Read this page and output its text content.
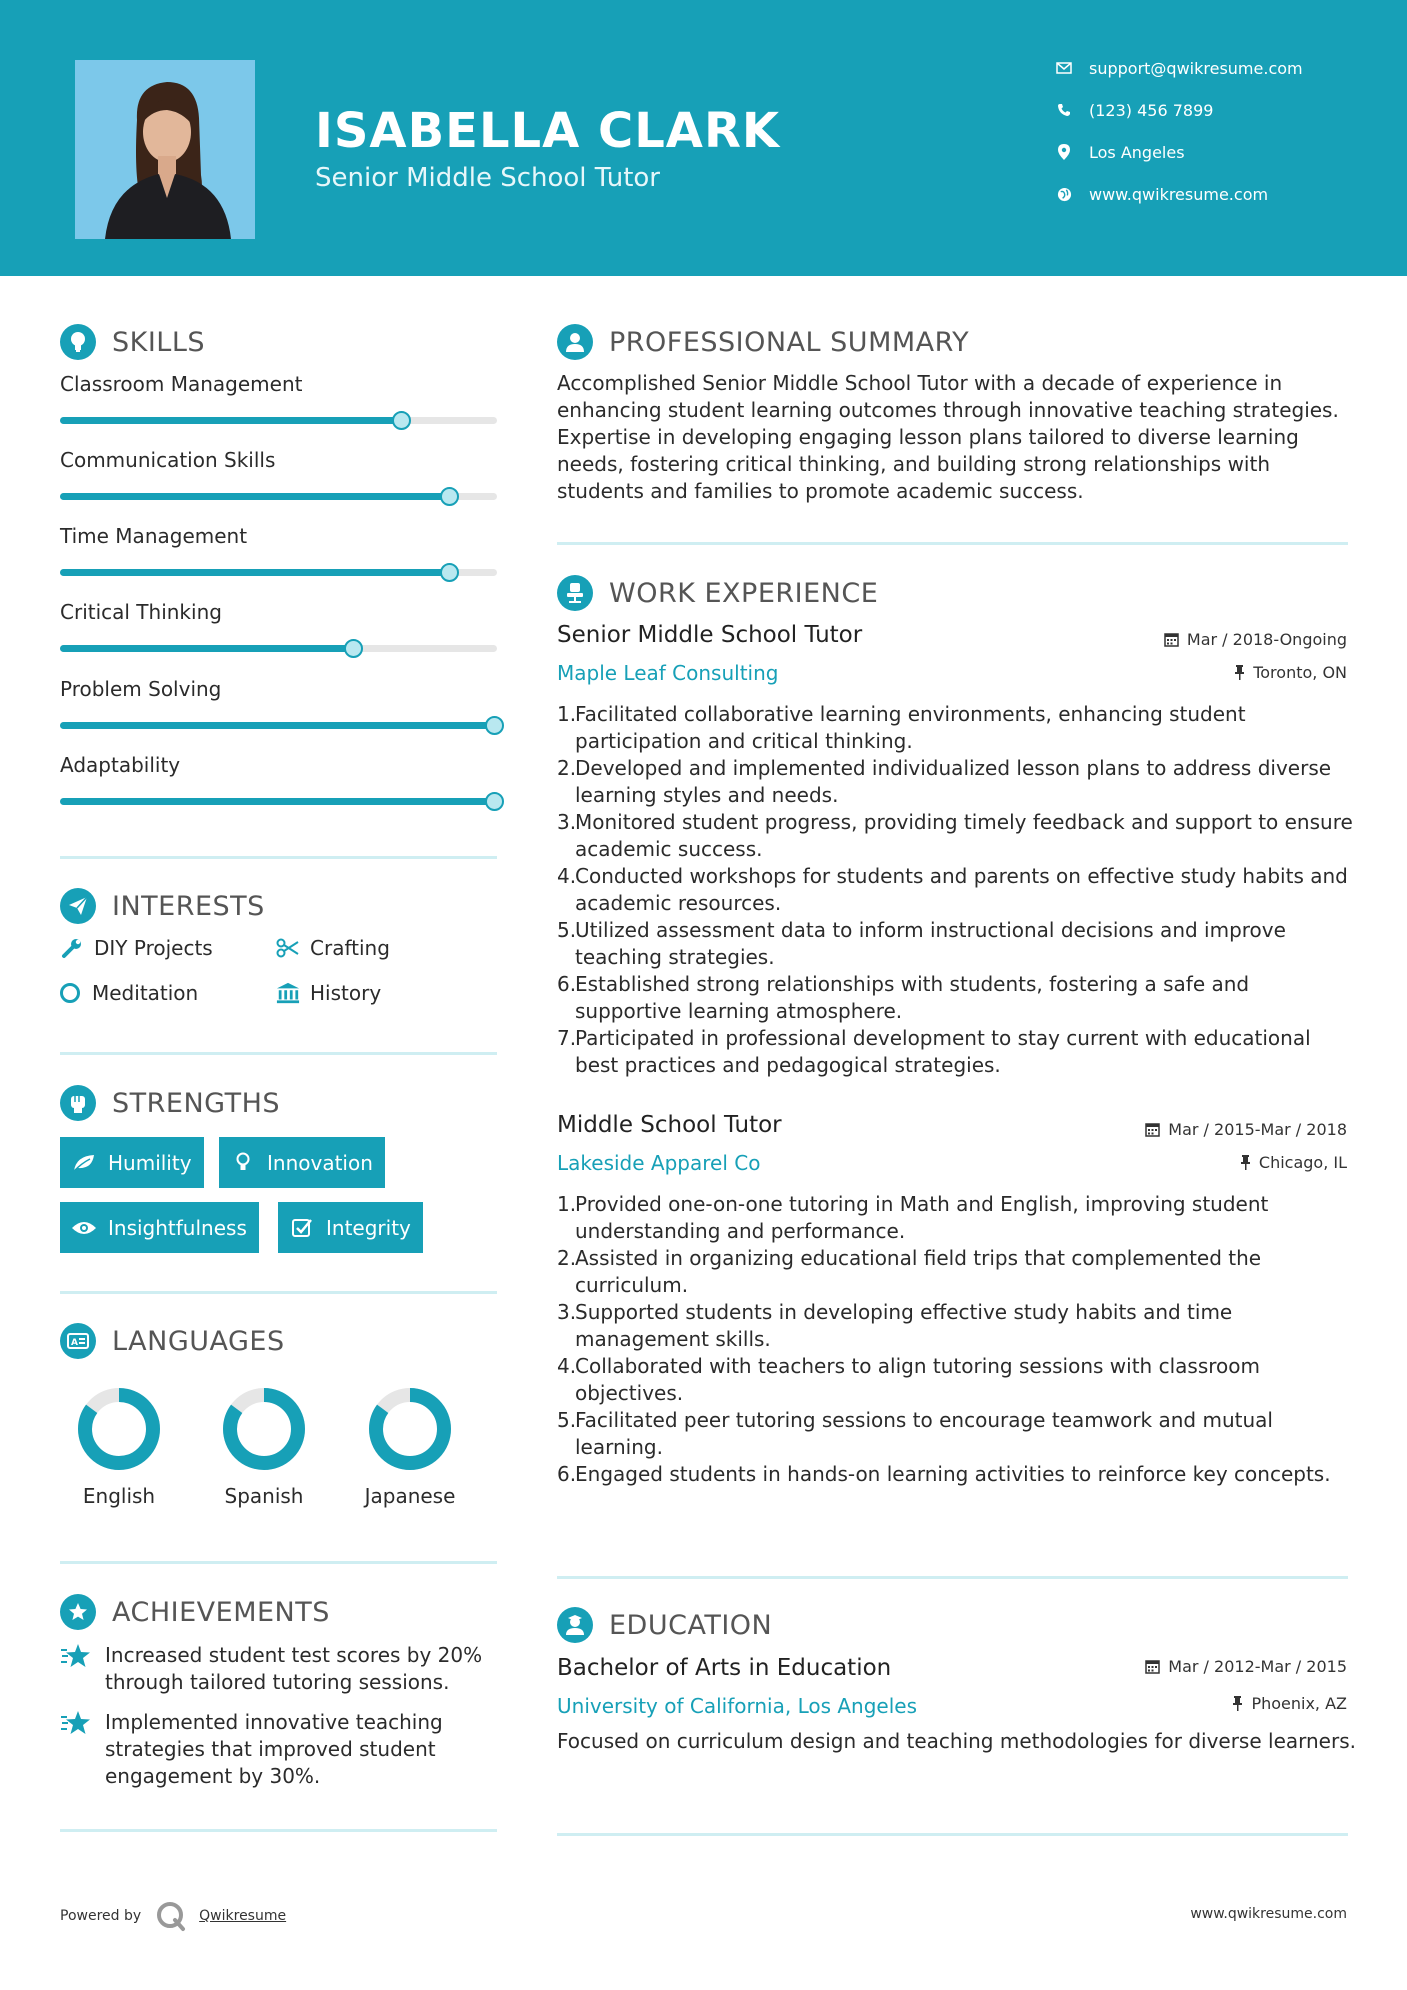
ISABELLA CLARK
Senior Middle School Tutor
support@qwikresume.com
(123) 456 7899
Los Angeles
www.qwikresume.com
SKILLS
Classroom Management
Communication Skills
Time Management
Critical Thinking
Problem Solving
Adaptability
INTERESTS
DIY Projects	Crafting
Meditation	History
STRENGTHS
Humility	Innovation
Insightfulness	Integrity
A LANGUAGES
English	Spanish	Japanese
ACHIEVEMENTS
Increased student test scores by 20% through tailored tutoring sessions.
Implemented innovative teaching strategies that improved student engagement by 30%.
PROFESSIONAL SUMMARY
Accomplished Senior Middle School Tutor with a decade of experience in enhancing student learning outcomes through innovative teaching strategies. Expertise in developing engaging lesson plans tailored to diverse learning needs, fostering critical thinking, and building strong relationships with students and families to promote academic success.
WORK EXPERIENCE
Senior Middle School Tutor
Maple Leaf Consulting
Mar / 2018-Ongoing
Toronto, ON
1.
Facilitated collaborative learning environments, enhancing student participation and critical thinking.
2.
Developed and implemented individualized lesson plans to address diverse learning styles and needs.
3.
Monitored student progress, providing timely feedback and support to ensure academic success.
4.
Conducted workshops for students and parents on effective study habits and academic resources.
5.
Utilized assessment data to inform instructional decisions and improve teaching strategies.
6.
Established strong relationships with students, fostering a safe and supportive learning atmosphere.
7.
Participated in professional development to stay current with educational best practices and pedagogical strategies.
Middle School Tutor
Lakeside Apparel Co
Mar / 2015-Mar / 2018
Chicago, IL
1.
Provided one-on-one tutoring in Math and English, improving student understanding and performance.
2.
Assisted in organizing educational field trips that complemented the curriculum.
3.
Supported students in developing effective study habits and time management skills.
4.
Collaborated with teachers to align tutoring sessions with classroom objectives.
5.
Facilitated peer tutoring sessions to encourage teamwork and mutual learning.
6.
Engaged students in hands-on learning activities to reinforce key concepts.
EDUCATION
Bachelor of Arts in Education
University of California, Los Angeles
Mar / 2012-Mar / 2015
Phoenix, AZ
Focused on curriculum design and teaching methodologies for diverse learners.
Powered by	Qwikresume	www.qwikresume.com
